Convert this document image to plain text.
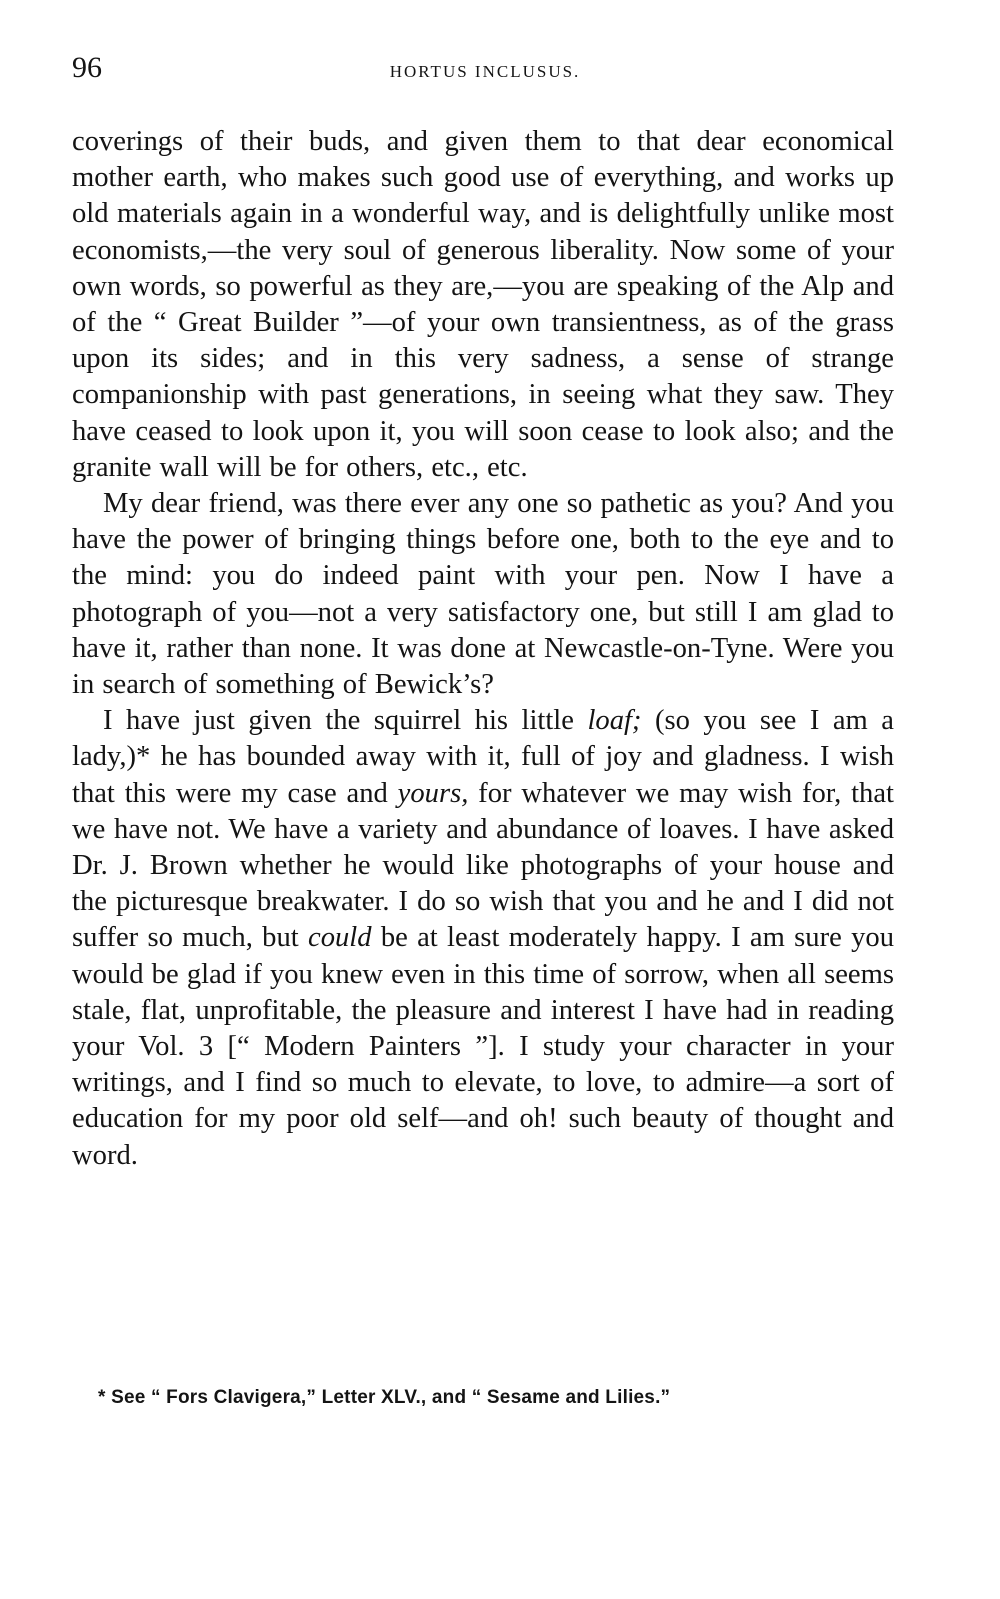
96	HORTUS INCLUSUS.

coverings of their buds, and given them to that dear economical mother earth, who makes such good use of everything, and works up old materials again in a wonderful way, and is delightfully unlike most economists,—the very soul of generous liberality. Now some of your own words, so powerful as they are,—you are speaking of the Alp and of the “ Great Builder ”—of your own transientness, as of the grass upon its sides; and in this very sadness, a sense of strange companionship with past generations, in seeing what they saw. They have ceased to look upon it, you will soon cease to look also; and the granite wall will be for others, etc., etc.

My dear friend, was there ever any one so pathetic as you? And you have the power of bringing things before one, both to the eye and to the mind: you do indeed paint with your pen. Now I have a photograph of you—not a very satisfactory one, but still I am glad to have it, rather than none. It was done at Newcastle-on-Tyne. Were you in search of something of Bewick’s?

I have just given the squirrel his little loaf; (so you see I am a lady,)* he has bounded away with it, full of joy and gladness. I wish that this were my case and yours, for whatever we may wish for, that we have not. We have a variety and abundance of loaves. I have asked Dr. J. Brown whether he would like photographs of your house and the picturesque breakwater. I do so wish that you and he and I did not suffer so much, but could be at least moderately happy. I am sure you would be glad if you knew even in this time of sorrow, when all seems stale, flat, unprofitable, the pleasure and interest I have had in reading your Vol. 3 [“ Modern Painters ”]. I study your character in your writings, and I find so much to elevate, to love, to admire—a sort of education for my poor old self—and oh! such beauty of thought and word.

* See “ Fors Clavigera,” Letter XLV., and “ Sesame and Lilies.”
